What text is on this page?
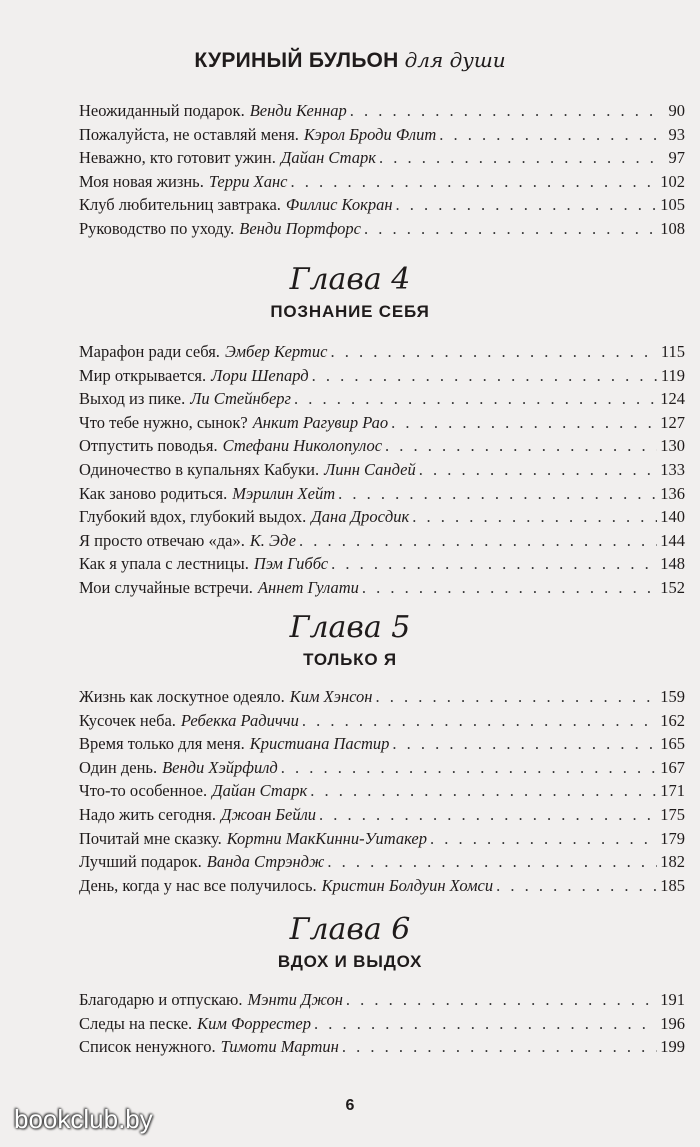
КУРИНЫЙ БУЛЬОН для души
Неожиданный подарок. Венди Кеннар . . .	90
Пожалуйста, не оставляй меня. Кэрол Броди Флит . . .	93
Неважно, кто готовит ужин. Дайан Старк . . .	97
Моя новая жизнь. Терри Ханс . . .	102
Клуб любительниц завтрака. Филлис Кокран . . .	105
Руководство по уходу. Венди Портфорс . . .	108
Глава 4
ПОЗНАНИЕ СЕБЯ
Марафон ради себя. Эмбер Кертис . . .	115
Мир открывается. Лори Шепард . . .	119
Выход из пике. Ли Стейнберг . . .	124
Что тебе нужно, сынок? Анкит Рагувир Рао . . .	127
Отпустить поводья. Стефани Николопулос . . .	130
Одиночество в купальнях Кабуки. Линн Сандей . . .	133
Как заново родиться. Мэрилин Хейт . . .	136
Глубокий вдох, глубокий выдох. Дана Дросдик . . .	140
Я просто отвечаю «да». К. Эде . . .	144
Как я упала с лестницы. Пэм Гиббс . . .	148
Мои случайные встречи. Аннет Гулати . . .	152
Глава 5
ТОЛЬКО Я
Жизнь как лоскутное одеяло. Ким Хэнсон . . .	159
Кусочек неба. Ребекка Радиччи . . .	162
Время только для меня. Кристиана Пастир . . .	165
Один день. Венди Хэйрфилд . . .	167
Что-то особенное. Дайан Старк . . .	171
Надо жить сегодня. Джоан Бейли . . .	175
Почитай мне сказку. Кортни МакКинни-Уитакер . . .	179
Лучший подарок. Ванда Стрэндж . . .	182
День, когда у нас все получилось. Кристин Болдуин Хомси . . .	185
Глава 6
ВДОХ И ВЫДОХ
Благодарю и отпускаю. Мэнти Джон . . .	191
Следы на песке. Ким Форрестер . . .	196
Список ненужного. Тимоти Мартин . . .	199
6
bookclub.by
